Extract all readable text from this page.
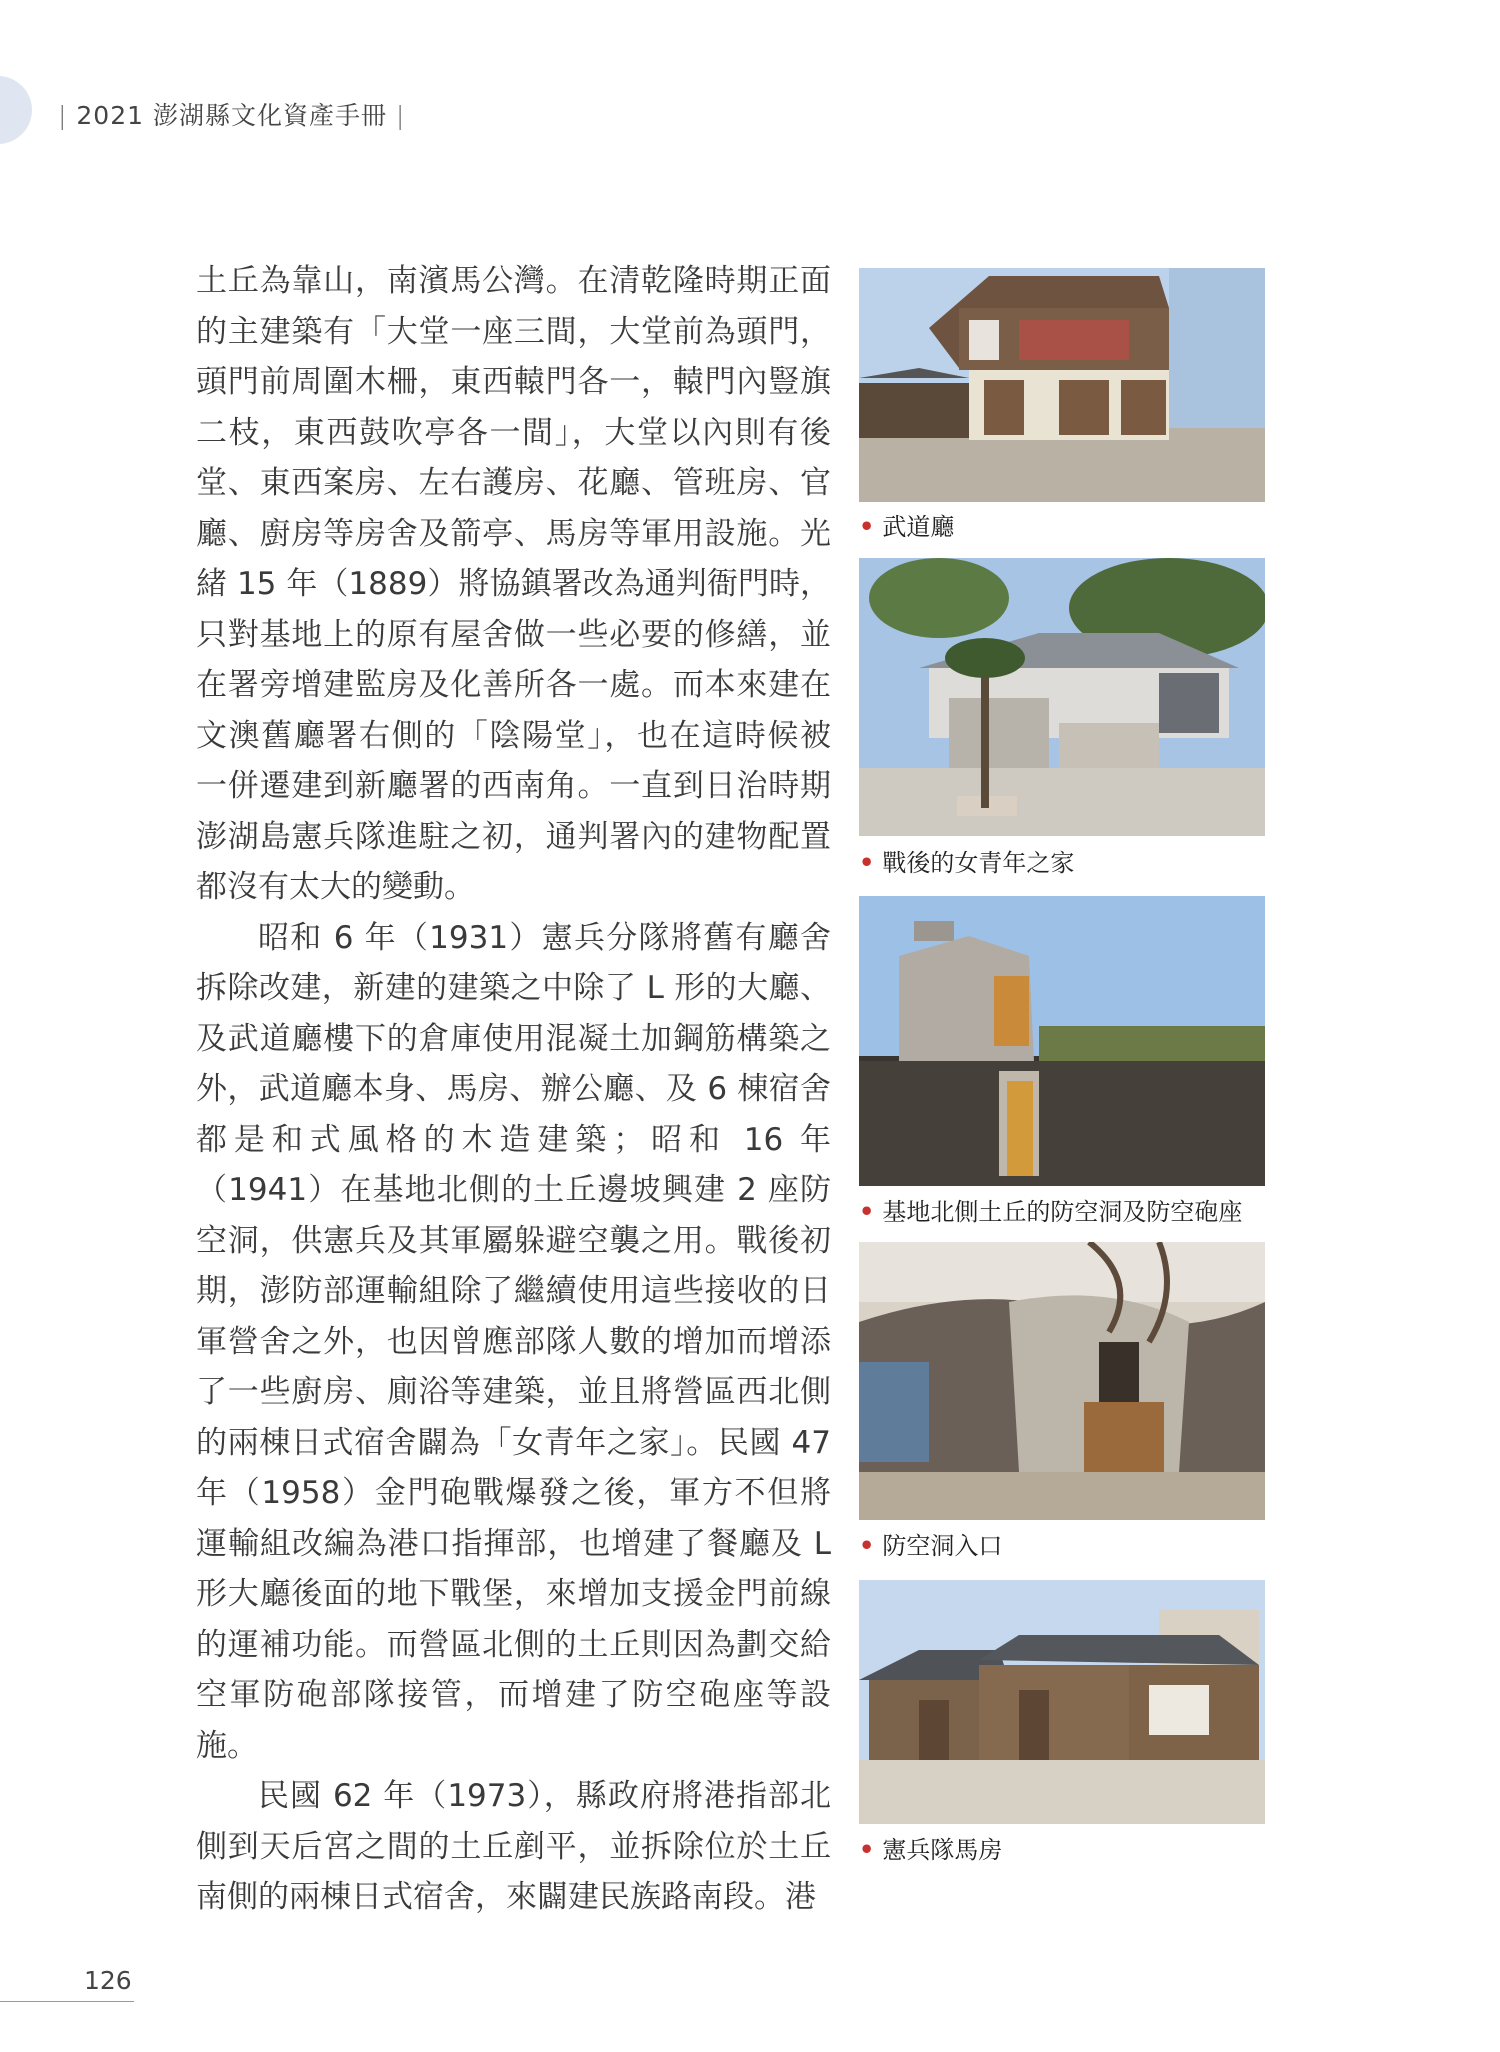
| 2021 澎湖縣文化資產手冊 |

土丘為靠山，南濱馬公灣。在清乾隆時期正面的主建築有「大堂一座三間，大堂前為頭門，頭門前周圍木柵，東西轅門各一，轅門內豎旗二枝，東西鼓吹亭各一間」，大堂以內則有後堂、東西案房、左右護房、花廳、管班房、官廳、廚房等房舍及箭亭、馬房等軍用設施。光緒 15 年（1889）將協鎮署改為通判衙門時，只對基地上的原有屋舍做一些必要的修繕，並在署旁增建監房及化善所各一處。而本來建在文澳舊廳署右側的「陰陽堂」，也在這時候被一併遷建到新廳署的西南角。一直到日治時期澎湖島憲兵隊進駐之初，通判署內的建物配置都沒有太大的變動。

昭和 6 年（1931）憲兵分隊將舊有廳舍拆除改建，新建的建築之中除了 L 形的大廳、及武道廳樓下的倉庫使用混凝土加鋼筋構築之外，武道廳本身、馬房、辦公廳、及 6 棟宿舍都是和式風格的木造建築；昭和 16 年（1941）在基地北側的土丘邊坡興建 2 座防空洞，供憲兵及其軍屬躲避空襲之用。戰後初期，澎防部運輸組除了繼續使用這些接收的日軍營舍之外，也因曾應部隊人數的增加而增添了一些廚房、廁浴等建築，並且將營區西北側的兩棟日式宿舍闢為「女青年之家」。民國 47 年（1958）金門砲戰爆發之後，軍方不但將運輸組改編為港口指揮部，也增建了餐廳及 L 形大廳後面的地下戰堡，來增加支援金門前線的運補功能。而營區北側的土丘則因為劃交給空軍防砲部隊接管，而增建了防空砲座等設施。

民國 62 年（1973），縣政府將港指部北側到天后宮之間的土丘剷平，並拆除位於土丘南側的兩棟日式宿舍，來闢建民族路南段。港

• 武道廳
• 戰後的女青年之家
• 基地北側土丘的防空洞及防空砲座
• 防空洞入口
• 憲兵隊馬房
126
